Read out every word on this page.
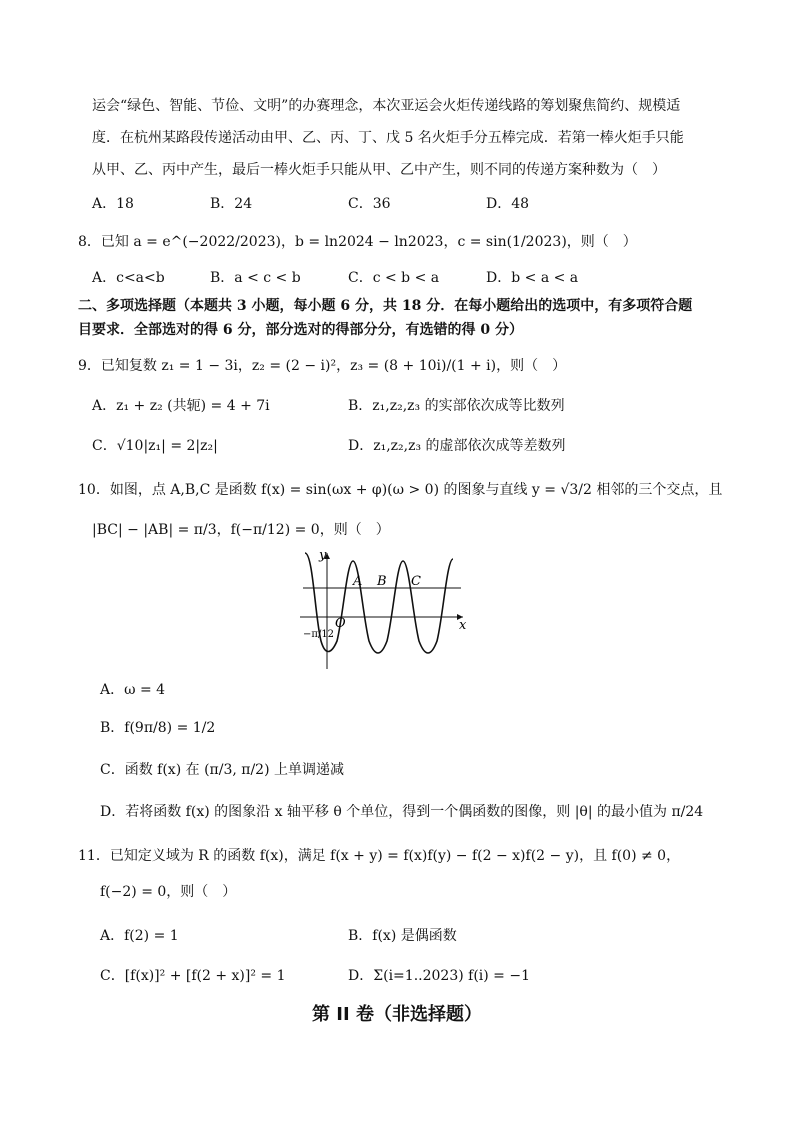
运会“绿色、智能、节俭、文明”的办赛理念，本次亚运会火炬传递线路的筹划聚焦简约、规模适
度．在杭州某路段传递活动由甲、乙、丙、丁、戊 5 名火炬手分五棒完成．若第一棒火炬手只能
从甲、乙、丙中产生，最后一棒火炬手只能从甲、乙中产生，则不同的传递方案种数为（　）
A．18	B．24	C．36	D．48
8．已知 a = e^(−2022/2023)，b = ln2024 − ln2023，c = sin(1/2023)，则（　）
A．c<a<b	B．a < c < b	C．c < b < a	D．b < a < a
二、多项选择题（本题共 3 小题，每小题 6 分，共 18 分．在每小题给出的选项中，有多项符合题
目要求．全部选对的得 6 分，部分选对的得部分分，有选错的得 0 分）
9．已知复数 z₁ = 1 − 3i，z₂ = (2 − i)²，z₃ = (8 + 10i)/(1 + i)，则（　）
A．z₁ + z₂ (共轭) = 4 + 7i	B．z₁,z₂,z₃ 的实部依次成等比数列
C．√10|z₁| = 2|z₂|	D．z₁,z₂,z₃ 的虚部依次成等差数列
10．如图，点 A,B,C 是函数 f(x) = sin(ωx + φ)(ω > 0) 的图象与直线 y = √3/2 相邻的三个交点，且
|BC| − |AB| = π/3，f(−π/12) = 0，则（　）
y
x
O
A B C
−π/12
A．ω = 4
B．f(9π/8) = 1/2
C．函数 f(x) 在 (π/3, π/2) 上单调递减
D．若将函数 f(x) 的图象沿 x 轴平移 θ 个单位，得到一个偶函数的图像，则 |θ| 的最小值为 π/24
11．已知定义域为 R 的函数 f(x)，满足 f(x + y) = f(x)f(y) − f(2 − x)f(2 − y)，且 f(0) ≠ 0，
f(−2) = 0，则（　）
A．f(2) = 1	B．f(x) 是偶函数
C．[f(x)]² + [f(2 + x)]² = 1	D．Σ(i=1..2023) f(i) = −1
第 II 卷（非选择题）
